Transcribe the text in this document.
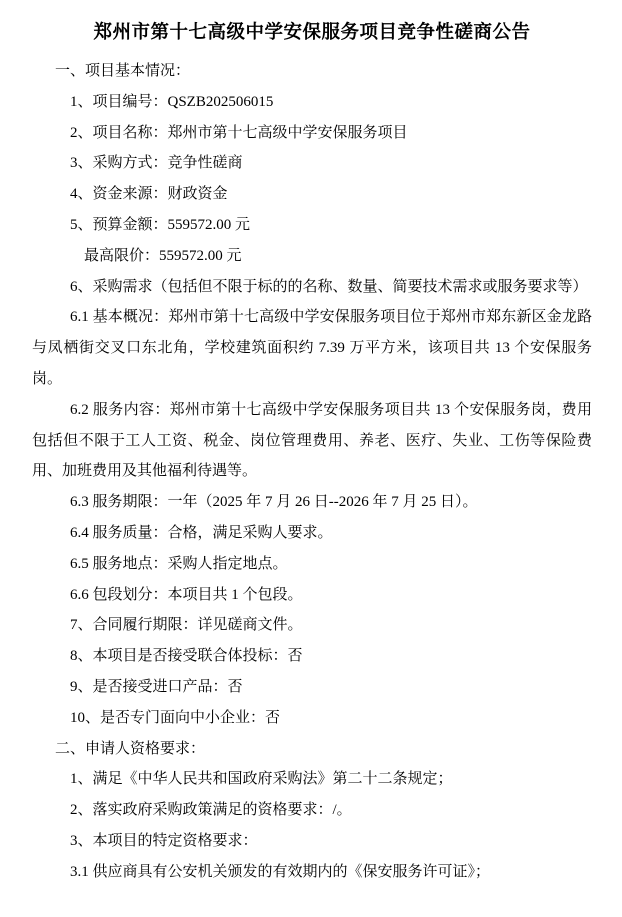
郑州市第十七高级中学安保服务项目竞争性磋商公告

一、项目基本情况：

1、项目编号：QSZB202506015

2、项目名称：郑州市第十七高级中学安保服务项目

3、采购方式：竞争性磋商

4、资金来源：财政资金

5、预算金额：559572.00 元

最高限价：559572.00 元

6、采购需求（包括但不限于标的的名称、数量、简要技术需求或服务要求等）

6.1 基本概况：郑州市第十七高级中学安保服务项目位于郑州市郑东新区金龙路与凤栖街交叉口东北角，学校建筑面积约 7.39 万平方米，该项目共 13 个安保服务岗。

6.2 服务内容：郑州市第十七高级中学安保服务项目共 13 个安保服务岗，费用包括但不限于工人工资、税金、岗位管理费用、养老、医疗、失业、工伤等保险费用、加班费用及其他福利待遇等。

6.3 服务期限：一年（2025 年 7 月 26 日--2026 年 7 月 25 日）。

6.4 服务质量：合格，满足采购人要求。

6.5 服务地点：采购人指定地点。

6.6 包段划分：本项目共 1 个包段。

7、合同履行期限：详见磋商文件。

8、本项目是否接受联合体投标：否

9、是否接受进口产品：否

10、是否专门面向中小企业：否

二、申请人资格要求：

1、满足《中华人民共和国政府采购法》第二十二条规定；

2、落实政府采购政策满足的资格要求：/。

3、本项目的特定资格要求：

3.1 供应商具有公安机关颁发的有效期内的《保安服务许可证》；
